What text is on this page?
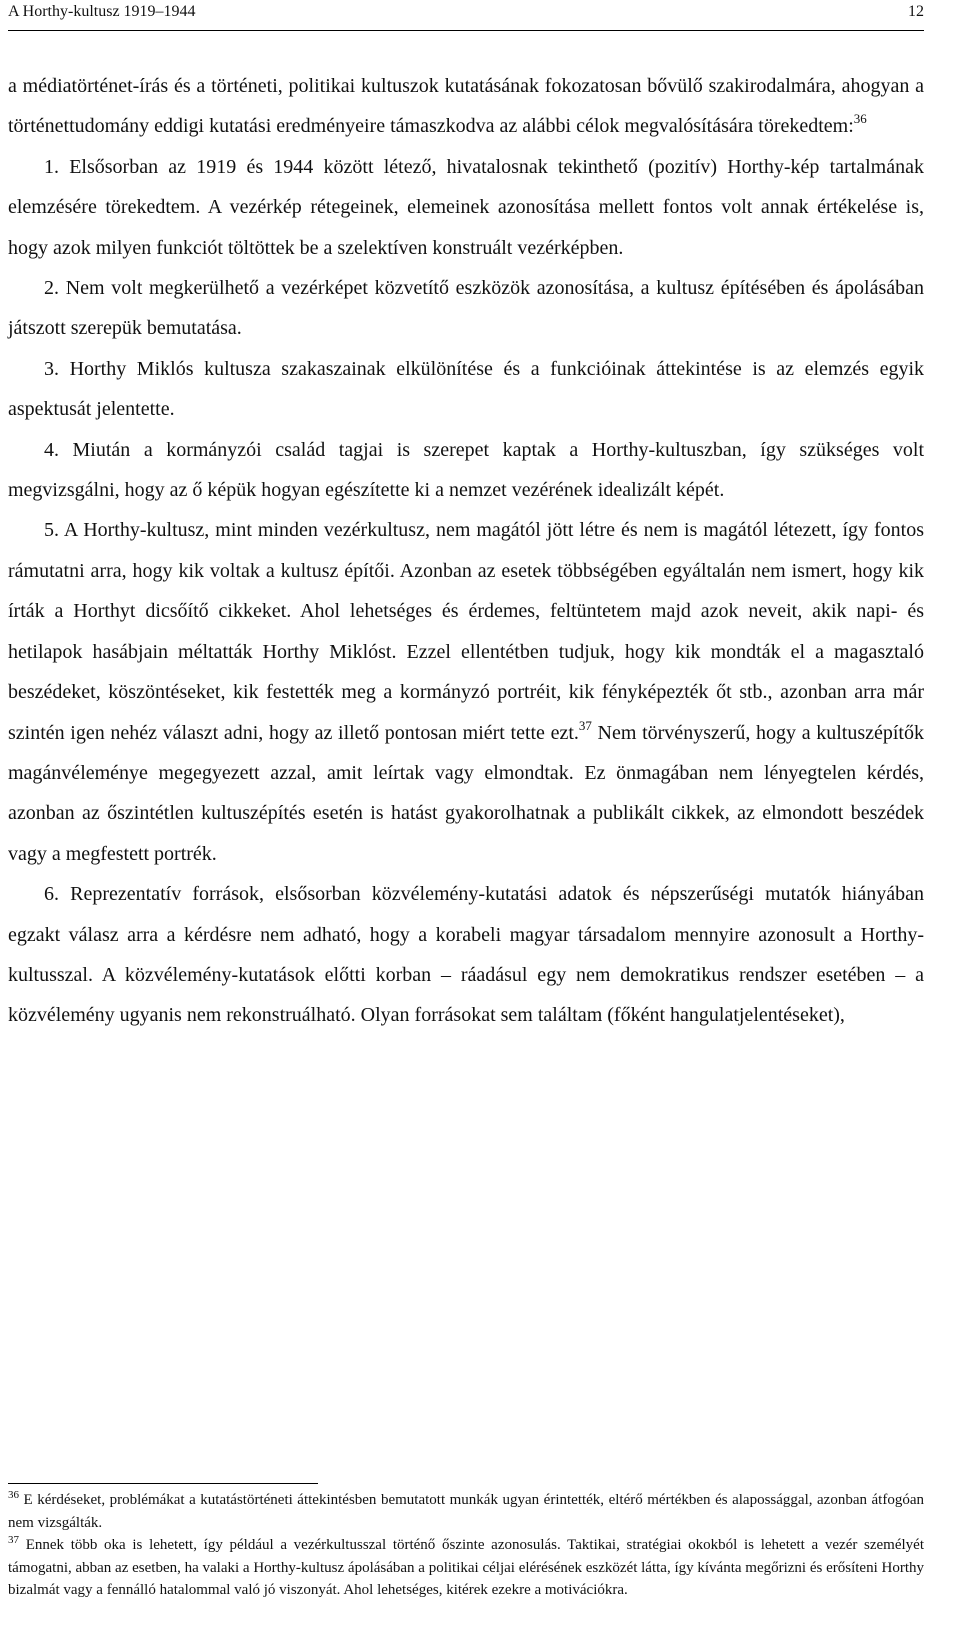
A Horthy-kultusz 1919–1944	12

a médiatörténet-írás és a történeti, politikai kultuszok kutatásának fokozatosan bővülő szakirodalmára, ahogyan a történettudomány eddigi kutatási eredményeire támaszkodva az alábbi célok megvalósítására törekedtem:$^{36}$

1. Elsősorban az 1919 és 1944 között létező, hivatalosnak tekinthető (pozitív) Horthy-kép tartalmának elemzésére törekedtem. A vezérkép rétegeinek, elemeinek azonosítása mellett fontos volt annak értékelése is, hogy azok milyen funkciót töltöttek be a szelektíven konstruált vezérképben.

2. Nem volt megkerülhető a vezérképet közvetítő eszközök azonosítása, a kultusz építésében és ápolásában játszott szerepük bemutatása.

3. Horthy Miklós kultusza szakaszainak elkülönítése és a funkcióinak áttekintése is az elemzés egyik aspektusát jelentette.

4. Miután a kormányzói család tagjai is szerepet kaptak a Horthy-kultuszban, így szükséges volt megvizsgálni, hogy az ő képük hogyan egészítette ki a nemzet vezérének idealizált képét.

5. A Horthy-kultusz, mint minden vezérkultusz, nem magától jött létre és nem is magától létezett, így fontos rámutatni arra, hogy kik voltak a kultusz építői. Azonban az esetek többségében egyáltalán nem ismert, hogy kik írták a Horthyt dicsőítő cikkeket. Ahol lehetséges és érdemes, feltüntetem majd azok neveit, akik napi- és hetilapok hasábjain méltatták Horthy Miklóst. Ezzel ellentétben tudjuk, hogy kik mondták el a magasztaló beszédeket, köszöntéseket, kik festették meg a kormányzó portréit, kik fényképezték őt stb., azonban arra már szintén igen nehéz választ adni, hogy az illető pontosan miért tette ezt.$^{37}$ Nem törvényszerű, hogy a kultuszépítők magánvéleménye megegyezett azzal, amit leírtak vagy elmondtak. Ez önmagában nem lényegtelen kérdés, azonban az őszintétlen kultuszépítés esetén is hatást gyakorolhatnak a publikált cikkek, az elmondott beszédek vagy a megfestett portrék.

6. Reprezentatív források, elsősorban közvélemény-kutatási adatok és népszerűségi mutatók hiányában egzakt válasz arra a kérdésre nem adható, hogy a korabeli magyar társadalom mennyire azonosult a Horthy-kultusszal. A közvélemény-kutatások előtti korban – ráadásul egy nem demokratikus rendszer esetében – a közvélemény ugyanis nem rekonstruálható. Olyan forrásokat sem találtam (főként hangulatjelentéseket),

$^{36}$ E kérdéseket, problémákat a kutatástörténeti áttekintésben bemutatott munkák ugyan érintették, eltérő mértékben és alapossággal, azonban átfogóan nem vizsgálták.

$^{37}$ Ennek több oka is lehetett, így például a vezérkultusszal történő őszinte azonosulás. Taktikai, stratégiai okokból is lehetett a vezér személyét támogatni, abban az esetben, ha valaki a Horthy-kultusz ápolásában a politikai céljai elérésének eszközét látta, így kívánta megőrizni és erősíteni Horthy bizalmát vagy a fennálló hatalommal való jó viszonyát. Ahol lehetséges, kitérek ezekre a motivációkra.
